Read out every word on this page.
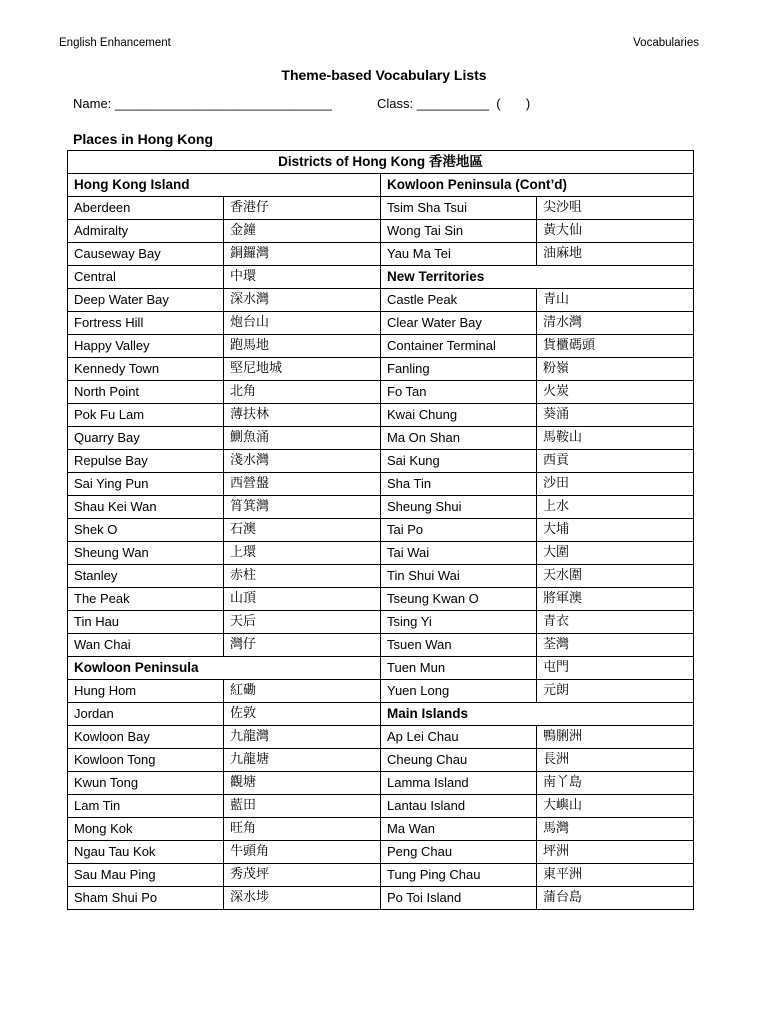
English Enhancement	Vocabularies
Theme-based Vocabulary Lists
Name: ______________________________	Class: __________  (       )
Places in Hong Kong
Districts of Hong Kong 香港地區			
Hong Kong Island		Kowloon Peninsula (Cont’d)	
Aberdeen	香港仔	Tsim Sha Tsui	尖沙咀
Admiralty	金鐘	Wong Tai Sin	黃大仙
Causeway Bay	銅鑼灣	Yau Ma Tei	油麻地
Central	中環	New Territories	
Deep Water Bay	深水灣	Castle Peak	青山
Fortress Hill	炮台山	Clear Water Bay	清水灣
Happy Valley	跑馬地	Container Terminal	貨櫃碼頭
Kennedy Town	堅尼地城	Fanling	粉嶺
North Point	北角	Fo Tan	火炭
Pok Fu Lam	薄扶林	Kwai Chung	葵涌
Quarry Bay	鰂魚涌	Ma On Shan	馬鞍山
Repulse Bay	淺水灣	Sai Kung	西貢
Sai Ying Pun	西營盤	Sha Tin	沙田
Shau Kei Wan	筲箕灣	Sheung Shui	上水
Shek O	石澳	Tai Po	大埔
Sheung Wan	上環	Tai Wai	大圍
Stanley	赤柱	Tin Shui Wai	天水圍
The Peak	山頂	Tseung Kwan O	將軍澳
Tin Hau	天后	Tsing Yi	青衣
Wan Chai	灣仔	Tsuen Wan	荃灣
Kowloon Peninsula		Tuen Mun	屯門
Hung Hom	紅磡	Yuen Long	元朗
Jordan	佐敦	Main Islands	
Kowloon Bay	九龍灣	Ap Lei Chau	鴨脷洲
Kowloon Tong	九龍塘	Cheung Chau	長洲
Kwun Tong	觀塘	Lamma Island	南丫島
Lam Tin	藍田	Lantau Island	大嶼山
Mong Kok	旺角	Ma Wan	馬灣
Ngau Tau Kok	牛頭角	Peng Chau	坪洲
Sau Mau Ping	秀茂坪	Tung Ping Chau	東平洲
Sham Shui Po	深水埗	Po Toi Island	蒲台島
